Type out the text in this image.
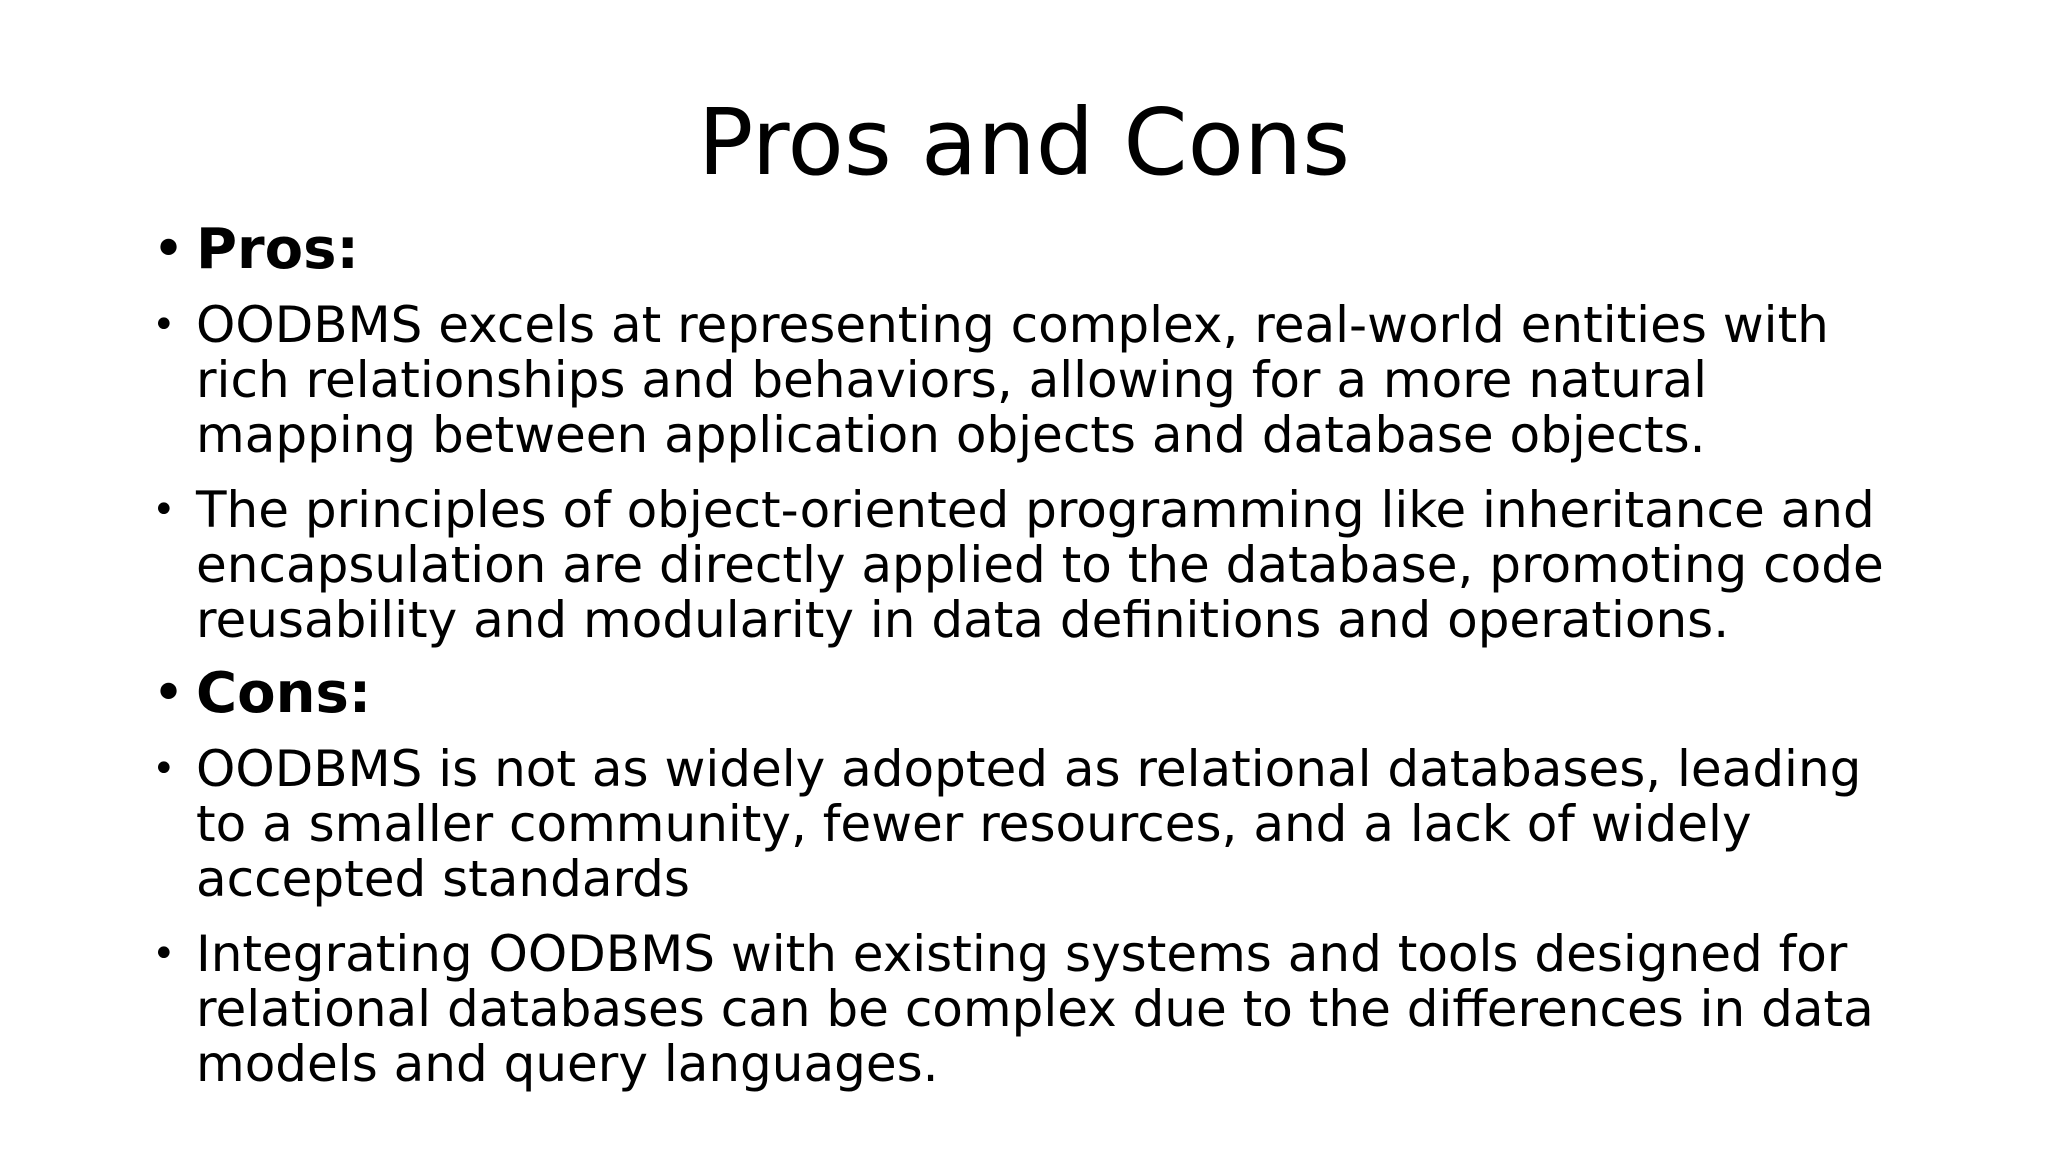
Pros and Cons
• Pros:
• OODBMS excels at representing complex, real-world entities with rich relationships and behaviors, allowing for a more natural mapping between application objects and database objects.
• The principles of object-oriented programming like inheritance and encapsulation are directly applied to the database, promoting code reusability and modularity in data definitions and operations.
• Cons:
• OODBMS is not as widely adopted as relational databases, leading to a smaller community, fewer resources, and a lack of widely accepted standards
• Integrating OODBMS with existing systems and tools designed for relational databases can be complex due to the differences in data models and query languages.
